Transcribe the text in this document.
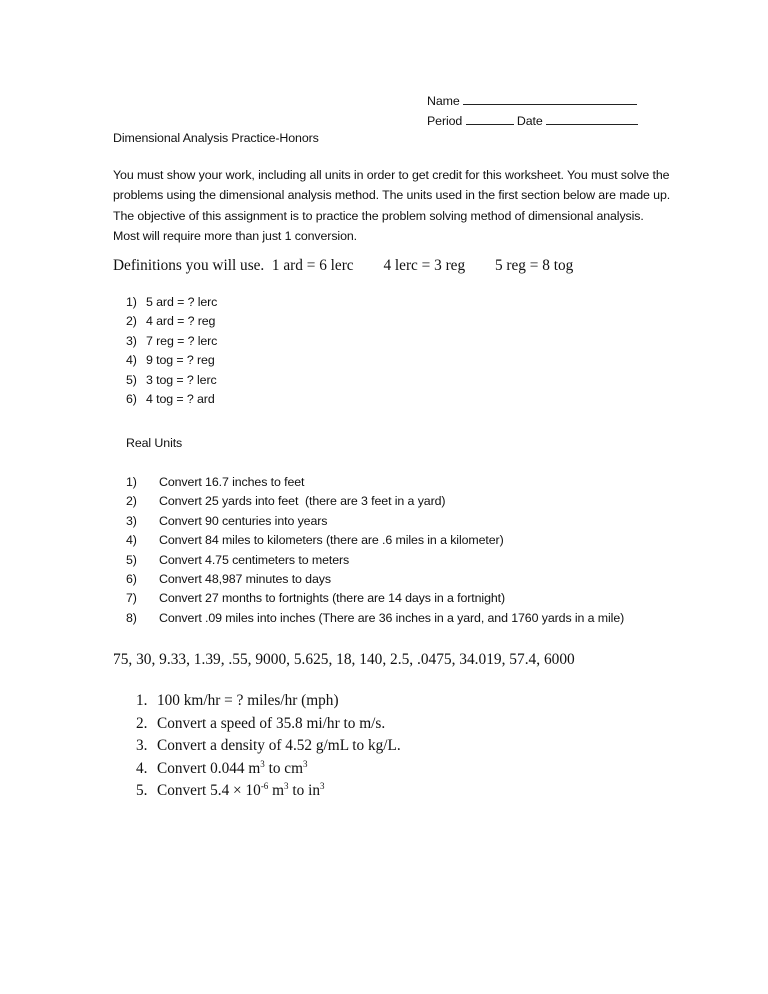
Name
Period	Date
Dimensional Analysis Practice-Honors
You must show your work, including all units in order to get credit for this worksheet. You must solve the problems using the dimensional analysis method. The units used in the first section below are made up. The objective of this assignment is to practice the problem solving method of dimensional analysis. Most will require more than just 1 conversion.
Definitions you will use. 1 ard = 6 lerc 4 lerc = 3 reg 5 reg = 8 tog
1) 5 ard = ? lerc
2) 4 ard = ? reg
3) 7 reg = ? lerc
4) 9 tog = ? reg
5) 3 tog = ? lerc
6) 4 tog = ? ard
Real Units
1)	Convert 16.7 inches to feet
2)	Convert 25 yards into feet  (there are 3 feet in a yard)
3)	Convert 90 centuries into years
4)	Convert 84 miles to kilometers (there are .6 miles in a kilometer)
5)	Convert 4.75 centimeters to meters
6)	Convert 48,987 minutes to days
7)	Convert 27 months to fortnights (there are 14 days in a fortnight)
8)	Convert .09 miles into inches (There are 36 inches in a yard, and 1760 yards in a mile)
75, 30, 9.33, 1.39, .55, 9000, 5.625, 18, 140, 2.5, .0475, 34.019, 57.4, 6000
1. 100 km/hr = ? miles/hr (mph)
2. Convert a speed of 35.8 mi/hr to m/s.
3. Convert a density of 4.52 g/mL to kg/L.
4. Convert 0.044 $m^3$ to $cm^3$
5. Convert $5.4 \times 10^{-6}$ $m^3$ to $in^3$
